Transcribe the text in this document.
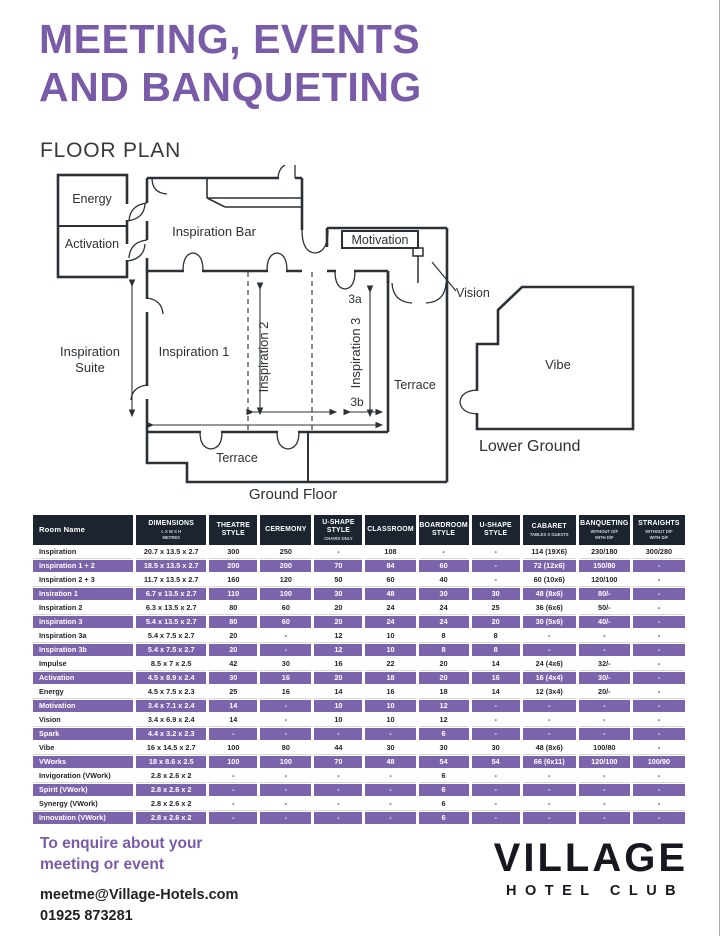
MEETING, EVENTS
AND BANQUETING
FLOOR PLAN
Energy
Activation
Inspiration Bar
Motivation
Vision
Inspiration
Suite
Inspiration 1 Inspiration 2	Inspiration 3
3a
3b
Terrace
Terrace
Ground Floor
Vibe
Lower Ground
Room Name

DIMENSIONS
L X W X H
METRES

THEATRE
STYLE

CEREMONY

U-SHAPE
STYLE
CHAIRS ONLY

CLASSROOM

BOARDROOM
STYLE

U-SHAPE
STYLE

CABARET
TABLES X GUESTS

BANQUETING
WITHOUT D/F
WITH D/F

STRAIGHTS
WITHOUT D/F
WITH D/F

Inspiration	20.7 x 13.5 x 2.7	300	250	-	108	-	-	114 (19X6)	230/180	300/280
Inspiration 1 + 2	18.5 x 13.5 x 2.7	200	200	70	84	60	-	72 (12x6)	150/80	-
Inspiration 2 + 3	11.7 x 13.5 x 2.7	160	120	50	60	40	-	60 (10x6)	120/100	-
Insiration 1	6.7 x 13.5 x 2.7	110	100	30	48	30	30	48 (8x6)	80/-	-
Inspiration 2	6.3 x 13.5 x 2.7	80	60	20	24	24	25	36 (6x6)	50/-	-
Inspiration 3	5.4 x 13.5 x 2.7	80	60	20	24	24	20	30 (5x6)	40/-	-
Inspiration 3a	5.4 x 7.5 x 2.7	20	-	12	10	8	8	-	-	-
Inspiration 3b	5.4 x 7.5 x 2.7	20	-	12	10	8	8	-	-	-
Impulse	8.5 x 7 x 2.5	42	30	16	22	20	14	24 (4x6)	32/-	-
Activation	4.5 x 8.9 x 2.4	30	16	20	18	20	16	16 (4x4)	30/-	-
Energy	4.5 x 7.5 x 2.3	25	16	14	16	18	14	12 (3x4)	20/-	-
Motivation	3.4 x 7.1 x 2.4	14	-	10	10	12	-	-	-	-
Vision	3.4 x 6.9 x 2.4	14	-	10	10	12	-	-	-	-
Spark	4.4 x 3.2 x 2.3	-	-	-	-	6	-	-	-	-
Vibe	16 x 14.5 x 2.7	100	80	44	30	30	30	48 (8x6)	100/80	-
VWorks	18 x 8.6 x 2.5	100	100	70	48	54	54	66 (6x11)	120/100	100/90
Invigoration (VWork)	2.8 x 2.6 x 2	-	-	-	-	6	-	-	-	-
Spirit (VWork)	2.8 x 2.6 x 2	-	-	-	-	6	-	-	-	-
Synergy (VWork)	2.8 x 2.6 x 2	-	-	-	-	6	-	-	-	-
Innovation (VWork)	2.8 x 2.6 x 2	-	-	-	-	6	-	-	-	-
To enquire about your
meeting or event
meetme@Village-Hotels.com
01925 873281
VILLAGE
HOTEL CLUB
